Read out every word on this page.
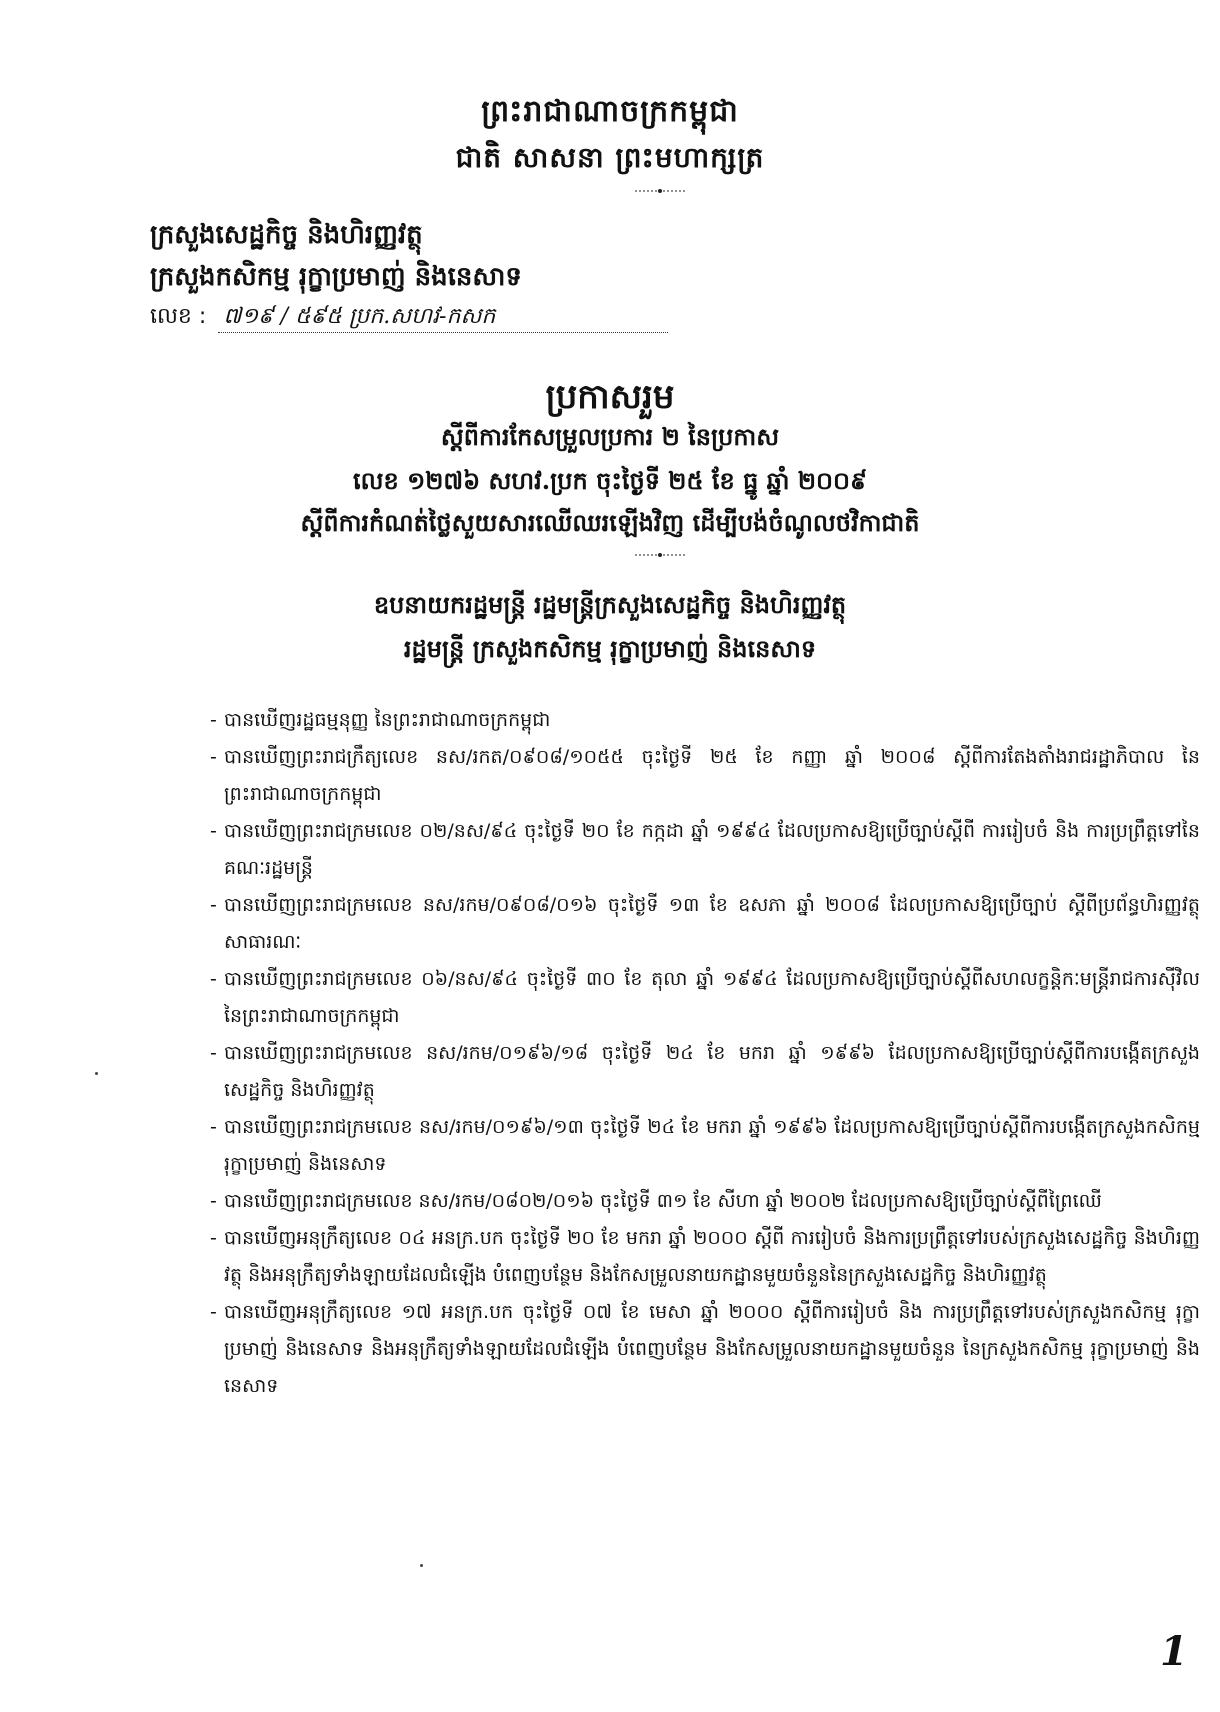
ព្រះរាជាណាចក្រកម្ពុជា
ជាតិ សាសនា ព្រះមហាក្សត្រ
ក្រសួងសេដ្ឋកិច្ច និងហិរញ្ញវត្ថុ
ក្រសួងកសិកម្ម រុក្ខាប្រមាញ់ និងនេសាទ
លេខ : ៧១៩ / ៥៩៥ ប្រក.សហវ-កសក
ប្រកាសរួម
ស្តីពីការកែសម្រួលប្រការ ២ នៃប្រកាស
លេខ ១២៧៦ សហវ.ប្រក ចុះថ្ងៃទី ២៥ ខែ ធ្នូ ឆ្នាំ ២០០៩
ស្តីពីការកំណត់ថ្លៃសួយសារឈើឈរឡើងវិញ ដើម្បីបង់ចំណូលថវិកាជាតិ
ឧបនាយករដ្ឋមន្ត្រី រដ្ឋមន្ត្រីក្រសួងសេដ្ឋកិច្ច និងហិរញ្ញវត្ថុ
រដ្ឋមន្ត្រី ក្រសួងកសិកម្ម រុក្ខាប្រមាញ់ និងនេសាទ
- បានឃើញរដ្ឋធម្មនុញ្ញ នៃព្រះរាជាណាចក្រកម្ពុជា
- បានឃើញព្រះរាជក្រឹត្យលេខ នស/រកត/០៩០៨/១០៥៥ ចុះថ្ងៃទី ២៥ ខែ កញ្ញា ឆ្នាំ ២០០៨ ស្តីពីការតែងតាំងរាជរដ្ឋាភិបាល នៃព្រះរាជាណាចក្រកម្ពុជា
- បានឃើញព្រះរាជក្រមលេខ ០២/នស/៩៤ ចុះថ្ងៃទី ២០ ខែ កក្កដា ឆ្នាំ ១៩៩៤ ដែលប្រកាសឱ្យប្រើច្បាប់ស្តីពី ការរៀបចំ និង ការប្រព្រឹត្តទៅនៃគណៈរដ្ឋមន្ត្រី
- បានឃើញព្រះរាជក្រមលេខ នស/រកម/០៩០៨/០១៦ ចុះថ្ងៃទី ១៣ ខែ ឧសភា ឆ្នាំ ២០០៨ ដែលប្រកាសឱ្យប្រើច្បាប់ ស្តីពីប្រព័ន្ធហិរញ្ញវត្ថុសាធារណៈ
- បានឃើញព្រះរាជក្រមលេខ ០៦/នស/៩៤ ចុះថ្ងៃទី ៣០ ខែ តុលា ឆ្នាំ ១៩៩៤ ដែលប្រកាសឱ្យប្រើច្បាប់ស្តីពីសហលក្ខន្តិកៈមន្ត្រីរាជការស៊ីវិល នៃព្រះរាជាណាចក្រកម្ពុជា
- បានឃើញព្រះរាជក្រមលេខ នស/រកម/០១៩៦/១៨ ចុះថ្ងៃទី ២៤ ខែ មករា ឆ្នាំ ១៩៩៦ ដែលប្រកាសឱ្យប្រើច្បាប់ស្តីពីការបង្កើតក្រសួងសេដ្ឋកិច្ច និងហិរញ្ញវត្ថុ
- បានឃើញព្រះរាជក្រមលេខ នស/រកម/០១៩៦/១៣ ចុះថ្ងៃទី ២៤ ខែ មករា ឆ្នាំ ១៩៩៦ ដែលប្រកាសឱ្យប្រើច្បាប់ស្តីពីការបង្កើតក្រសួងកសិកម្ម រុក្ខាប្រមាញ់ និងនេសាទ
- បានឃើញព្រះរាជក្រមលេខ នស/រកម/០៨០២/០១៦ ចុះថ្ងៃទី ៣១ ខែ សីហា ឆ្នាំ ២០០២ ដែលប្រកាសឱ្យប្រើច្បាប់ស្តីពីព្រៃឈើ
- បានឃើញអនុក្រឹត្យលេខ ០៤ អនក្រ.បក ចុះថ្ងៃទី ២០ ខែ មករា ឆ្នាំ ២០០០ ស្តីពី ការរៀបចំ និងការប្រព្រឹត្តទៅរបស់ក្រសួងសេដ្ឋកិច្ច និងហិរញ្ញវត្ថុ និងអនុក្រឹត្យទាំងឡាយដែលជំឡើង បំពេញបន្ថែម និងកែសម្រួលនាយកដ្ឋានមួយចំនួននៃក្រសួងសេដ្ឋកិច្ច និងហិរញ្ញវត្ថុ
- បានឃើញអនុក្រឹត្យលេខ ១៧ អនក្រ.បក ចុះថ្ងៃទី ០៧ ខែ មេសា ឆ្នាំ ២០០០ ស្តីពីការរៀបចំ និង ការប្រព្រឹត្តទៅរបស់ក្រសួងកសិកម្ម រុក្ខាប្រមាញ់ និងនេសាទ និងអនុក្រឹត្យទាំងឡាយដែលជំឡើង បំពេញបន្ថែម និងកែសម្រួលនាយកដ្ឋានមួយចំនួន នៃក្រសួងកសិកម្ម រុក្ខាប្រមាញ់ និងនេសាទ
1
